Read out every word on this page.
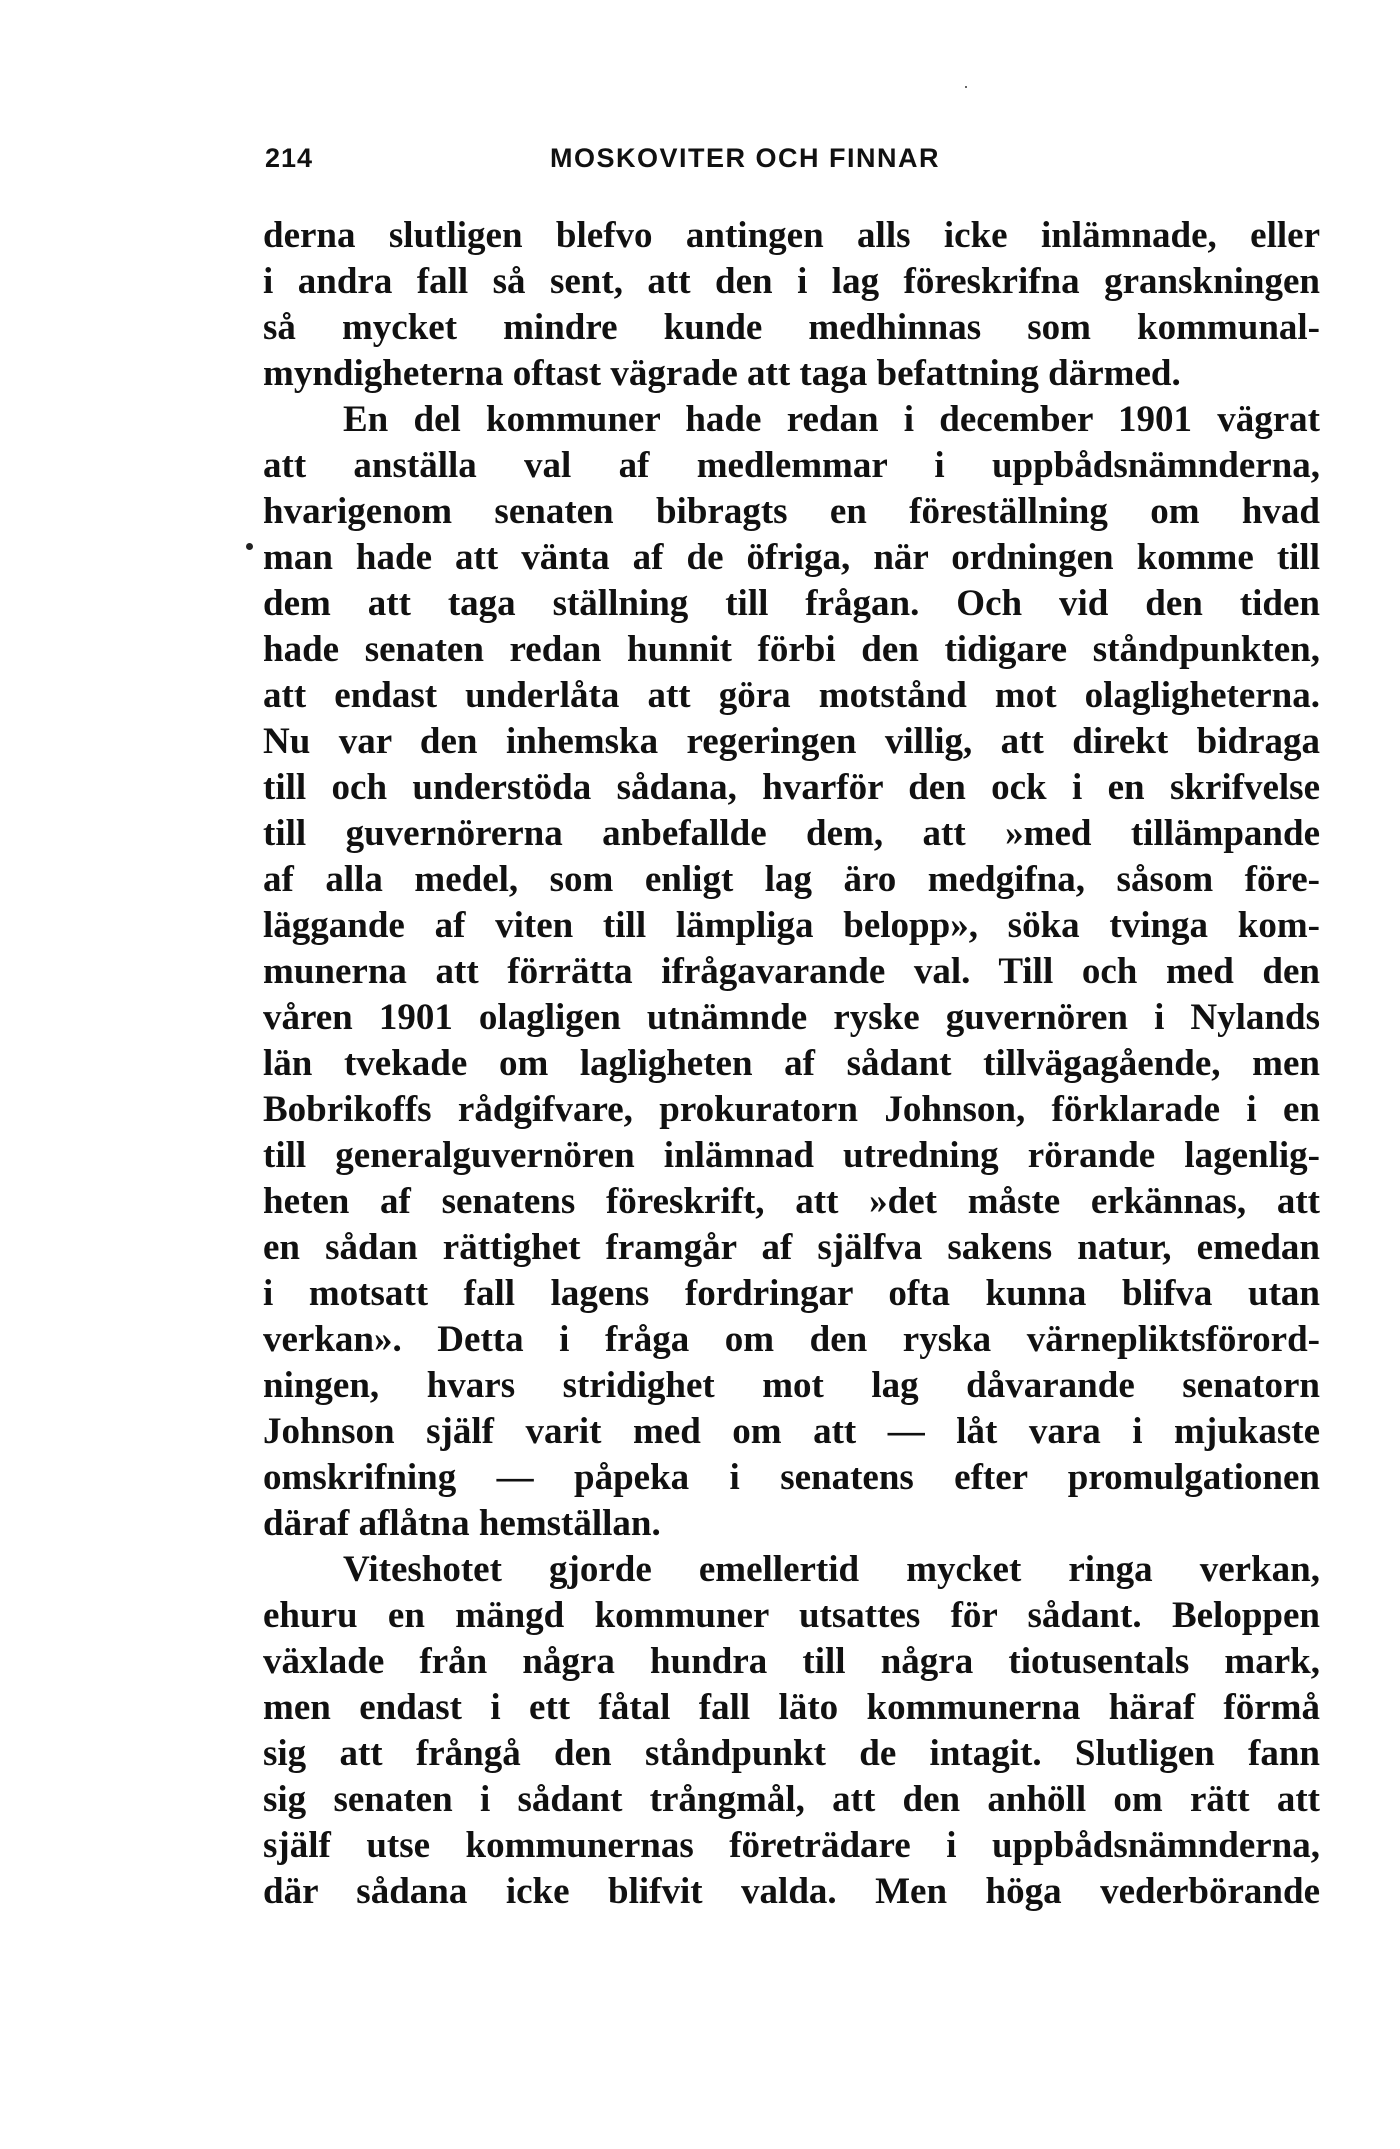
214	MOSKOVITER OCH FINNAR
derna slutligen blefvo antingen alls icke inlämnade, eller
i andra fall så sent, att den i lag föreskrifna granskningen
så mycket mindre kunde medhinnas som kommunal-
myndigheterna oftast vägrade att taga befattning därmed.
En del kommuner hade redan i december 1901 vägrat
att anställa val af medlemmar i uppbådsnämnderna,
hvarigenom senaten bibragts en föreställning om hvad
man hade att vänta af de öfriga, när ordningen komme till
dem att taga ställning till frågan. Och vid den tiden
hade senaten redan hunnit förbi den tidigare ståndpunkten,
att endast underlåta att göra motstånd mot olagligheterna.
Nu var den inhemska regeringen villig, att direkt bidraga
till och understöda sådana, hvarför den ock i en skrifvelse
till guvernörerna anbefallde dem, att »med tillämpande
af alla medel, som enligt lag äro medgifna, såsom före-
läggande af viten till lämpliga belopp», söka tvinga kom-
munerna att förrätta ifrågavarande val. Till och med den
våren 1901 olagligen utnämnde ryske guvernören i Nylands
län tvekade om lagligheten af sådant tillvägagående, men
Bobrikoffs rådgifvare, prokuratorn Johnson, förklarade i en
till generalguvernören inlämnad utredning rörande lagenlig-
heten af senatens föreskrift, att »det måste erkännas, att
en sådan rättighet framgår af själfva sakens natur, emedan
i motsatt fall lagens fordringar ofta kunna blifva utan
verkan». Detta i fråga om den ryska värnepliktsförord-
ningen, hvars stridighet mot lag dåvarande senatorn
Johnson själf varit med om att — låt vara i mjukaste
omskrifning — påpeka i senatens efter promulgationen
däraf aflåtna hemställan.
Viteshotet gjorde emellertid mycket ringa verkan,
ehuru en mängd kommuner utsattes för sådant. Beloppen
växlade från några hundra till några tiotusentals mark,
men endast i ett fåtal fall läto kommunerna häraf förmå
sig att frångå den ståndpunkt de intagit. Slutligen fann
sig senaten i sådant trångmål, att den anhöll om rätt att
själf utse kommunernas företrädare i uppbådsnämnderna,
där sådana icke blifvit valda. Men höga vederbörande
